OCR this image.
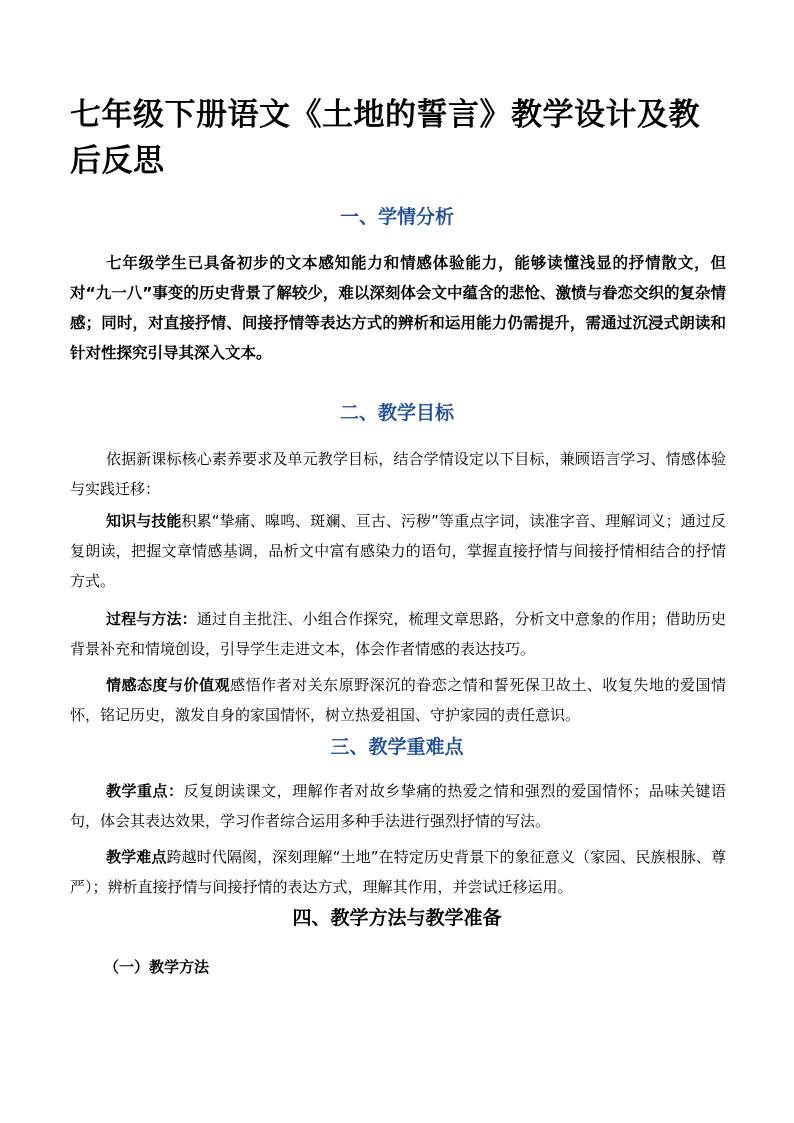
七年级下册语文《土地的誓言》教学设计及教后反思
一、学情分析
七年级学生已具备初步的文本感知能力和情感体验能力，能够读懂浅显的抒情散文，但对“九一八”事变的历史背景了解较少，难以深刻体会文中蕴含的悲怆、激愤与眷恋交织的复杂情感；同时，对直接抒情、间接抒情等表达方式的辨析和运用能力仍需提升，需通过沉浸式朗读和针对性探究引导其深入文本。
二、教学目标
依据新课标核心素养要求及单元教学目标，结合学情设定以下目标，兼顾语言学习、情感体验与实践迁移：
知识与技能积累“挚痛、嗥鸣、斑斓、亘古、污秽”等重点字词，读准字音、理解词义；通过反复朗读，把握文章情感基调，品析文中富有感染力的语句，掌握直接抒情与间接抒情相结合的抒情方式。
过程与方法：通过自主批注、小组合作探究，梳理文章思路，分析文中意象的作用；借助历史背景补充和情境创设，引导学生走进文本，体会作者情感的表达技巧。
情感态度与价值观感悟作者对关东原野深沉的眷恋之情和誓死保卫故土、收复失地的爱国情怀，铭记历史，激发自身的家国情怀，树立热爱祖国、守护家园的责任意识。
三、教学重难点
教学重点：反复朗读课文，理解作者对故乡挚痛的热爱之情和强烈的爱国情怀；品味关键语句，体会其表达效果，学习作者综合运用多种手法进行强烈抒情的写法。
教学难点跨越时代隔阂，深刻理解“土地”在特定历史背景下的象征意义（家园、民族根脉、尊严）；辨析直接抒情与间接抒情的表达方式，理解其作用，并尝试迁移运用。
四、教学方法与教学准备
（一）教学方法
